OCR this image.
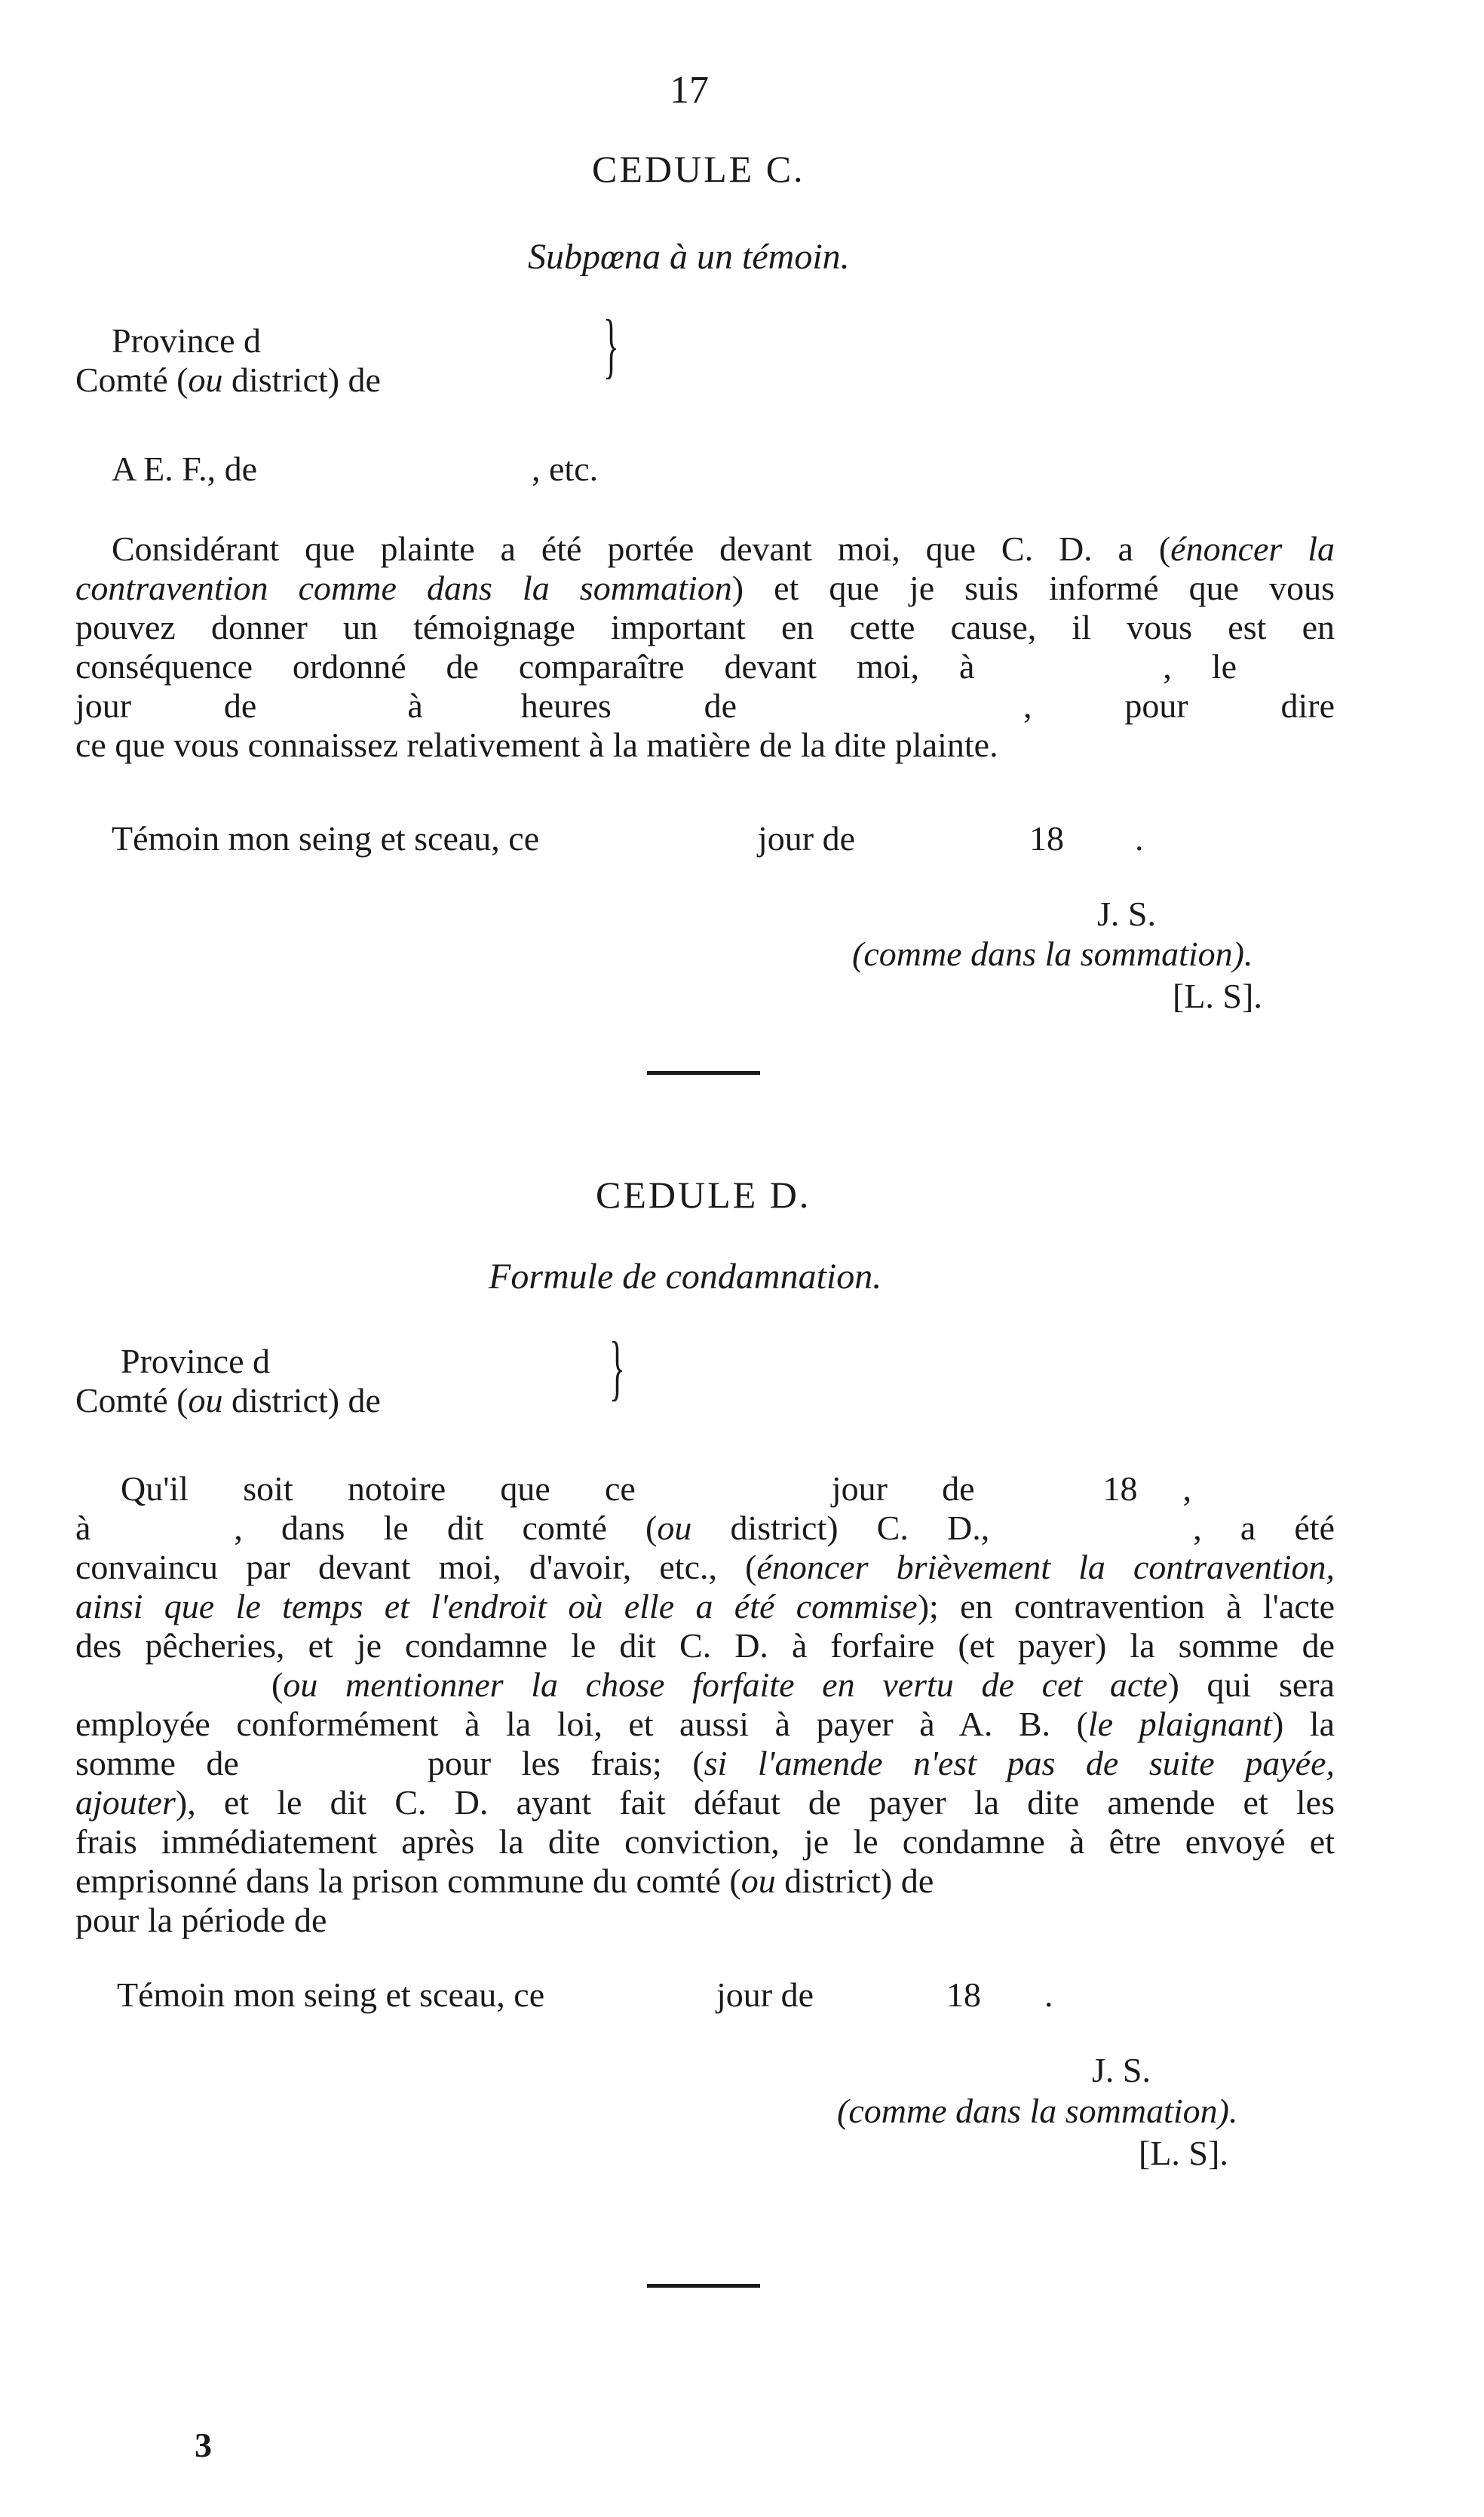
17
CEDULE C.
Subpœna à un témoin.
Province d
Comté (ou district) de	}
A E. F., de	, etc.
Considérant que plainte a été portée devant moi, que C. D. a (énoncer la
contravention comme dans la sommation) et que je suis informé que vous
pouvez donner un témoignage important en cette cause, il vous est en
conséquence ordonné de comparaître devant moi, à	, le
jour de	à	heures de	, pour dire
ce que vous connaissez relativement à la matière de la dite plainte.
Témoin mon seing et sceau, ce	jour de	18 .
J. S.
(comme dans la sommation).
[L. S].
CEDULE D.
Formule de condamnation.
Province d
Comté (ou district) de	}
Qu'il soit notoire que ce	jour de	18 ,
à	, dans le dit comté (ou district) C. D.,	, a été
convaincu par devant moi, d'avoir, etc., (énoncer brièvement la contravention,
ainsi que le temps et l'endroit où elle a été commise); en contravention à l'acte
des pêcheries, et je condamne le dit C. D. à forfaire (et payer) la somme de
(ou mentionner la chose forfaite en vertu de cet acte) qui sera
employée conformément à la loi, et aussi à payer à A. B. (le plaignant) la
somme de	pour les frais; (si l'amende n'est pas de suite payée,
ajouter), et le dit C. D. ayant fait défaut de payer la dite amende et les
frais immédiatement après la dite conviction, je le condamne à être envoyé et
emprisonné dans la prison commune du comté (ou district) de
pour la période de
Témoin mon seing et sceau, ce	jour de	18 .
J. S.
(comme dans la sommation).
[L. S].
3
